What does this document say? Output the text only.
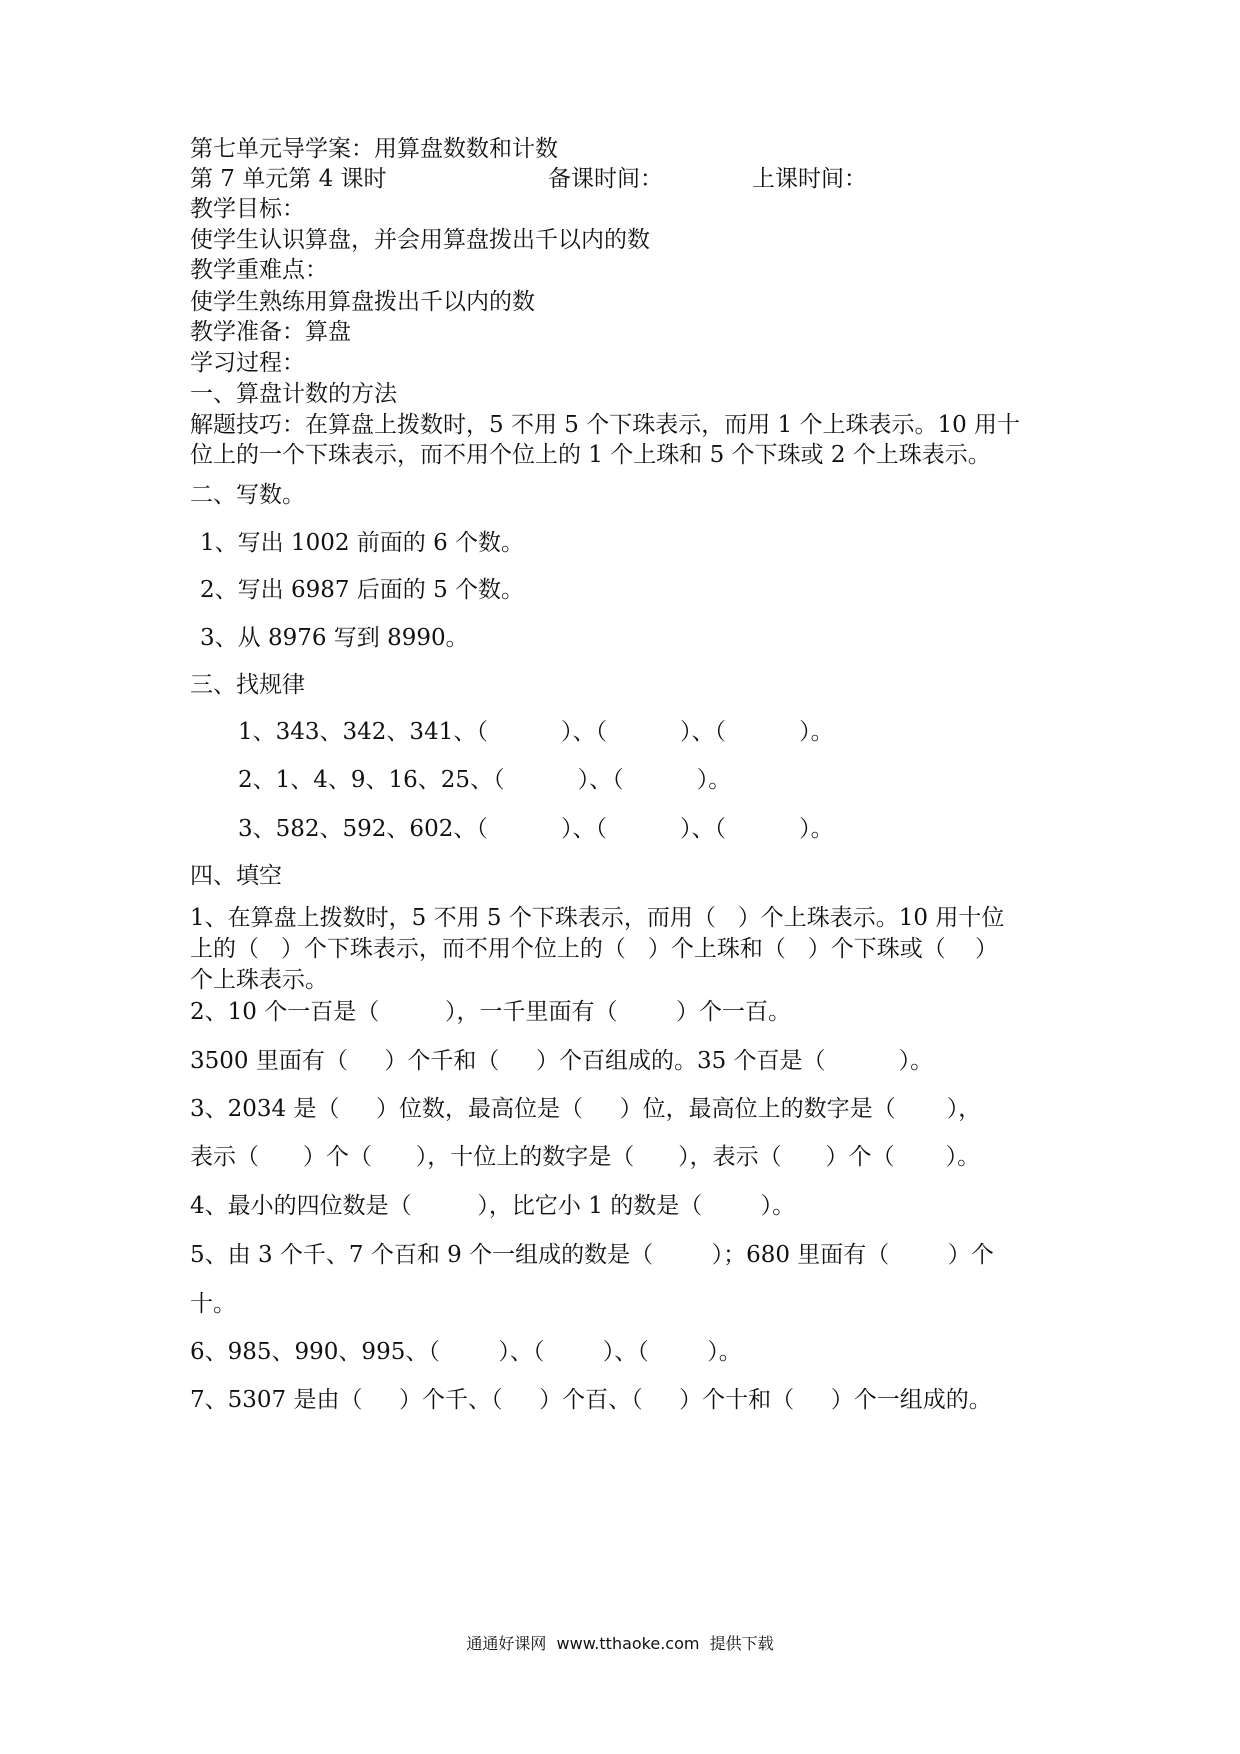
第七单元导学案：用算盘数数和计数
第 7 单元第 4 课时	备课时间：	上课时间：
教学目标：
使学生认识算盘，并会用算盘拨出千以内的数
教学重难点：
使学生熟练用算盘拨出千以内的数
教学准备：算盘
学习过程：
一、算盘计数的方法
解题技巧：在算盘上拨数时，5 不用 5 个下珠表示，而用 1 个上珠表示。10 用十
位上的一个下珠表示，而不用个位上的 1 个上珠和 5 个下珠或 2 个上珠表示。
二、写数。
1、写出 1002 前面的 6 个数。
2、写出 6987 后面的 5 个数。
3、从 8976 写到 8990。
三、找规律
1、343、342、341、（          ）、（          ）、（          ）。
2、1、4、9、16、25、（          ）、（          ）。
3、582、592、602、（          ）、（          ）、（          ）。
四、填空
1、在算盘上拨数时，5 不用 5 个下珠表示，而用（   ）个上珠表示。10 用十位
上的（   ）个下珠表示，而不用个位上的（   ）个上珠和（   ）个下珠或（    ）
个上珠表示。
2、10 个一百是（         ），一千里面有（        ）个一百。
3500 里面有（     ）个千和（     ）个百组成的。35 个百是（          ）。
3、2034 是（     ）位数，最高位是（     ）位，最高位上的数字是（       ），
表示（      ）个（      ），十位上的数字是（      ），表示（      ）个（       ）。
4、最小的四位数是（         ），比它小 1 的数是（        ）。
5、由 3 个千、7 个百和 9 个一组成的数是（        ）；680 里面有（        ）个
十。
6、985、990、995、（        ）、（        ）、（        ）。
7、5307 是由（     ）个千、（     ）个百、（     ）个十和（     ）个一组成的。
通通好课网  www.tthaoke.com  提供下载
